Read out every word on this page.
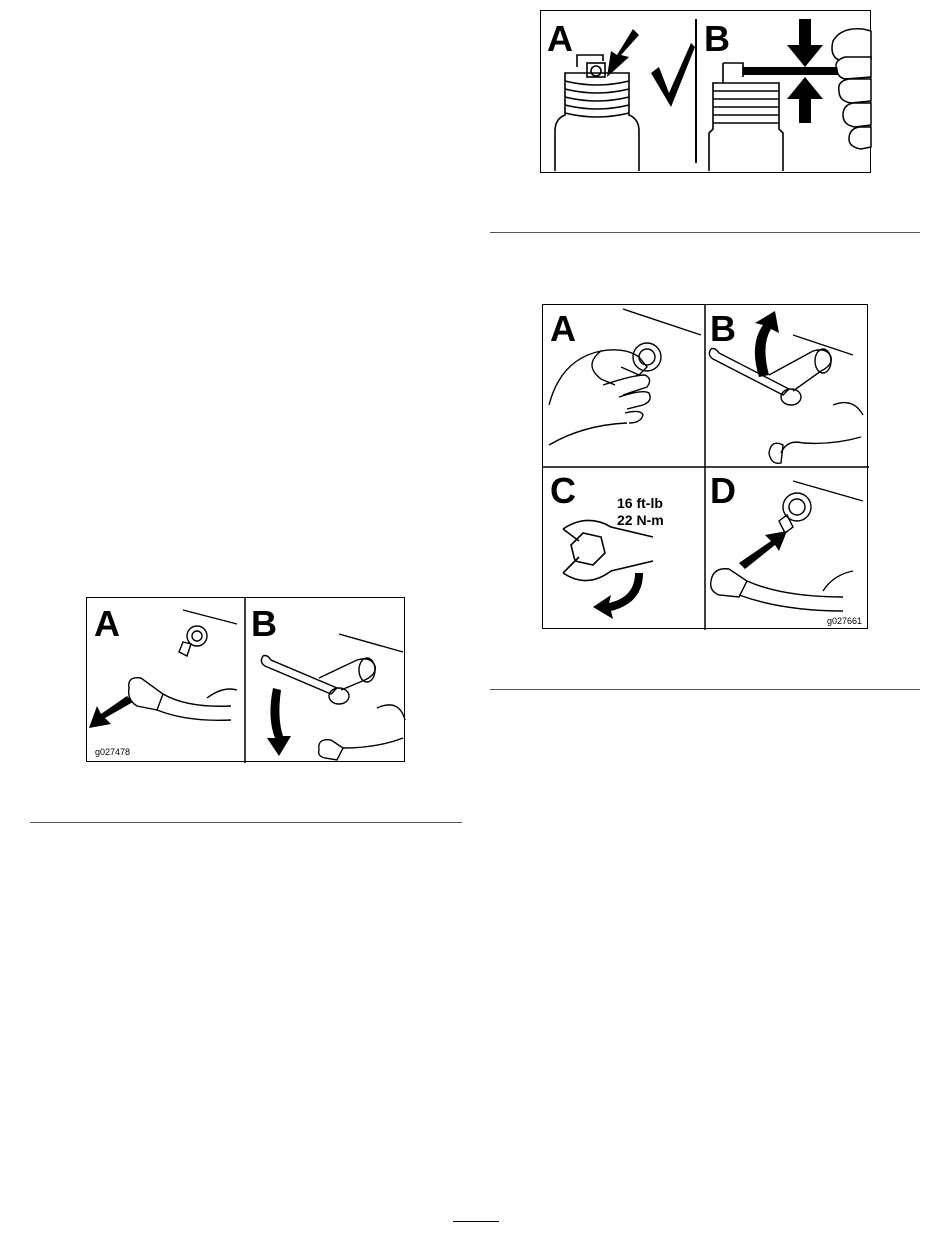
A	B
A	B
C	D
16 ft-lb
22 N-m
g027661
A	B
g027478
